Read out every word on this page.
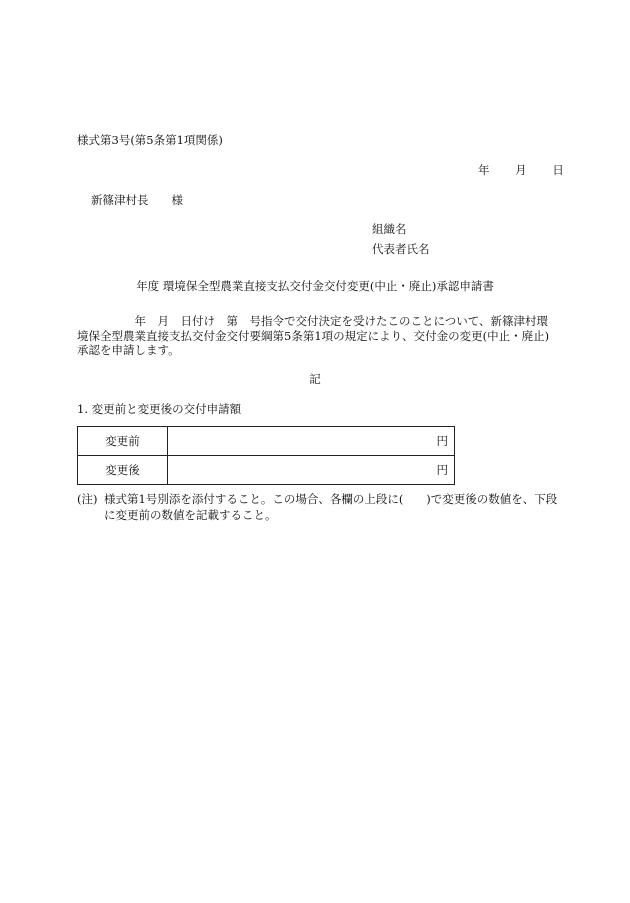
様式第3号(第5条第1項関係)
年 月 日
新篠津村長　　様
組織名
代表者氏名
年度 環境保全型農業直接支払交付金交付変更(中止・廃止)承認申請書
　　　　　年　月　日付け　第　号指令で交付決定を受けたこのことについて、新篠津村環境保全型農業直接支払交付金交付要綱第5条第1項の規定により、交付金の変更(中止・廃止)承認を申請します。
記
1. 変更前と変更後の交付申請額
変更前	円
変更後	円
(注) 様式第1号別添を添付すること。この場合、各欄の上段に(　　)で変更後の数値を、下段に変更前の数値を記載すること。
